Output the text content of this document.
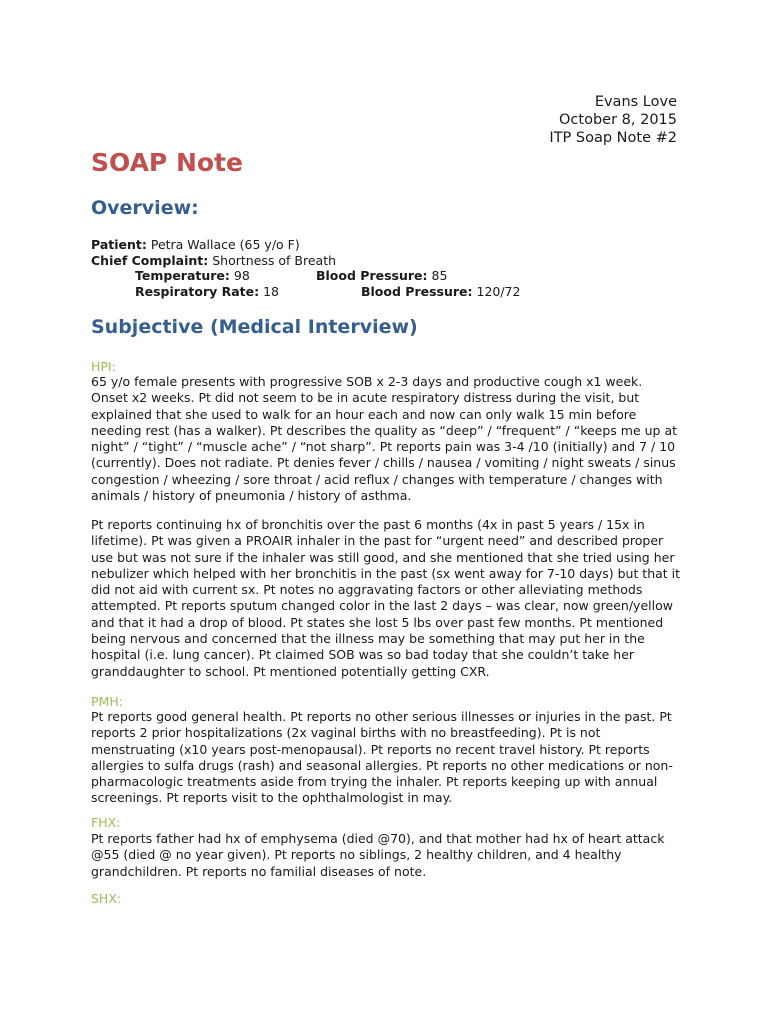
Evans Love
October 8, 2015
ITP Soap Note #2
SOAP Note
Overview:
Patient: Petra Wallace (65 y/o F)
Chief Complaint: Shortness of Breath
Temperature: 98	Blood Pressure: 85
Respiratory Rate: 18	Blood Pressure: 120/72
Subjective (Medical Interview)
HPI:

65 y/o female presents with progressive SOB x 2-3 days and productive cough x1 week. Onset x2 weeks. Pt did not seem to be in acute respiratory distress during the visit, but explained that she used to walk for an hour each and now can only walk 15 min before needing rest (has a walker). Pt describes the quality as “deep” / “frequent” / “keeps me up at night” / “tight” / “muscle ache” / “not sharp”. Pt reports pain was 3-4 /10 (initially) and 7 / 10 (currently). Does not radiate. Pt denies fever / chills / nausea / vomiting / night sweats / sinus congestion / wheezing / sore throat / acid reflux / changes with temperature / changes with animals / history of pneumonia / history of asthma.

Pt reports continuing hx of bronchitis over the past 6 months (4x in past 5 years / 15x in lifetime). Pt was given a PROAIR inhaler in the past for “urgent need” and described proper use but was not sure if the inhaler was still good, and she mentioned that she tried using her nebulizer which helped with her bronchitis in the past (sx went away for 7-10 days) but that it did not aid with current sx. Pt notes no aggravating factors or other alleviating methods attempted. Pt reports sputum changed color in the last 2 days – was clear, now green/yellow and that it had a drop of blood. Pt states she lost 5 lbs over past few months. Pt mentioned being nervous and concerned that the illness may be something that may put her in the hospital (i.e. lung cancer). Pt claimed SOB was so bad today that she couldn’t take her granddaughter to school. Pt mentioned potentially getting CXR.

PMH:

Pt reports good general health. Pt reports no other serious illnesses or injuries in the past. Pt reports 2 prior hospitalizations (2x vaginal births with no breastfeeding). Pt is not menstruating (x10 years post-menopausal). Pt reports no recent travel history. Pt reports allergies to sulfa drugs (rash) and seasonal allergies. Pt reports no other medications or non-pharmacologic treatments aside from trying the inhaler. Pt reports keeping up with annual screenings. Pt reports visit to the ophthalmologist in may.

FHX:

Pt reports father had hx of emphysema (died @70), and that mother had hx of heart attack @55 (died @ no year given). Pt reports no siblings, 2 healthy children, and 4 healthy grandchildren. Pt reports no familial diseases of note.

SHX:
